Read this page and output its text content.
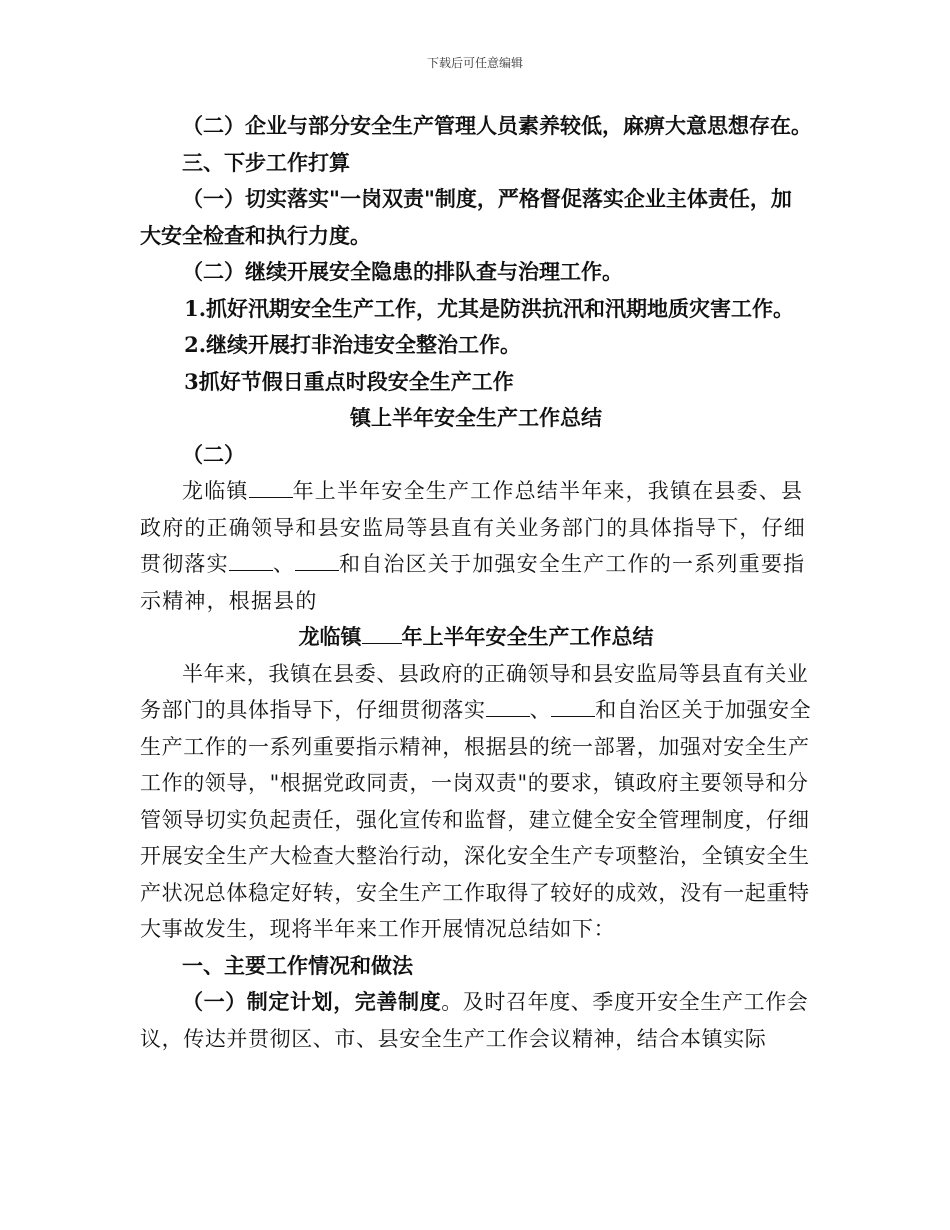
下载后可任意编辑

（二）企业与部分安全生产管理人员素养较低，麻痹大意思想存在。

三、下步工作打算

（一）切实落实"一岗双责"制度，严格督促落实企业主体责任，加大安全检查和执行力度。

（二）继续开展安全隐患的排队查与治理工作。

1.抓好汛期安全生产工作，尤其是防洪抗汛和汛期地质灾害工作。

2.继续开展打非治违安全整治工作。

3抓好节假日重点时段安全生产工作

镇上半年安全生产工作总结

（二）

龙临镇 年上半年安全生产工作总结半年来，我镇在县委、县政府的正确领导和县安监局等县直有关业务部门的具体指导下，仔细贯彻落实 、 和自治区关于加强安全生产工作的一系列重要指示精神，根据县的

龙临镇 年上半年安全生产工作总结

半年来，我镇在县委、县政府的正确领导和县安监局等县直有关业务部门的具体指导下，仔细贯彻落实 、 和自治区关于加强安全生产工作的一系列重要指示精神，根据县的统一部署，加强对安全生产工作的领导，"根据党政同责，一岗双责"的要求，镇政府主要领导和分管领导切实负起责任，强化宣传和监督，建立健全安全管理制度，仔细开展安全生产大检查大整治行动，深化安全生产专项整治，全镇安全生产状况总体稳定好转，安全生产工作取得了较好的成效，没有一起重特大事故发生，现将半年来工作开展情况总结如下：

一、主要工作情况和做法

（一）制定计划，完善制度。及时召年度、季度开安全生产工作会议，传达并贯彻区、市、县安全生产工作会议精神，结合本镇实际
